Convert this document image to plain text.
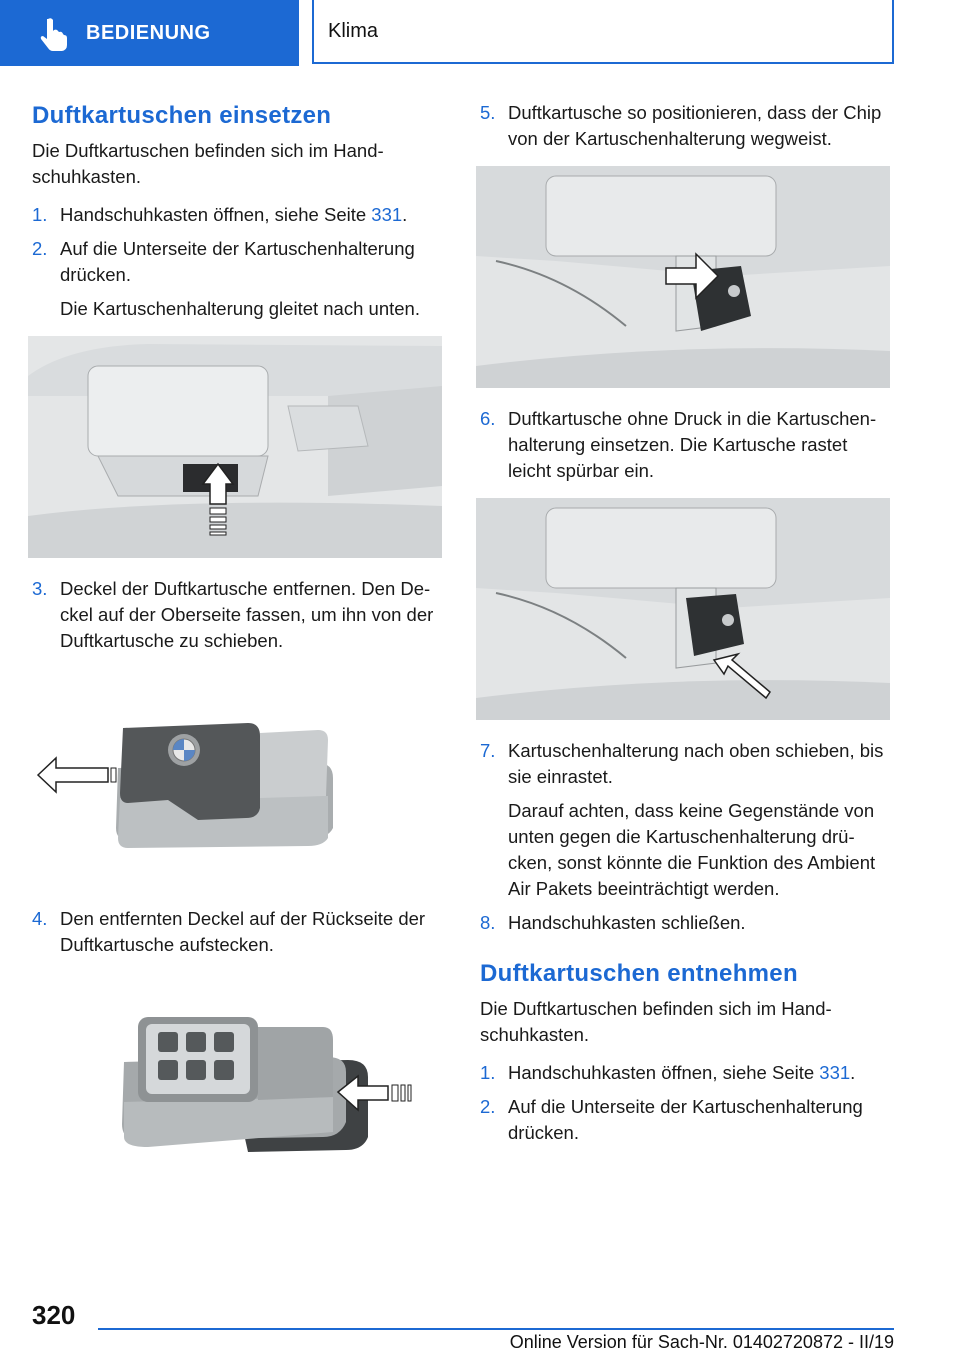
BEDIENUNG	Klima
Duftkartuschen einsetzen

Die Duftkartuschen befinden sich im Hand-schuhkasten.

1. Handschuhkasten öffnen, siehe Seite 331.
2. Auf die Unterseite der Kartuschenhalterung drücken.
Die Kartuschenhalterung gleitet nach unten.
3. Deckel der Duftkartusche entfernen. Den De-ckel auf der Oberseite fassen, um ihn von der Duftkartusche zu schieben.
4. Den entfernten Deckel auf der Rückseite der Duftkartusche aufstecken.
5. Duftkartusche so positionieren, dass der Chip von der Kartuschenhalterung wegweist.
6. Duftkartusche ohne Druck in die Kartuschen-halterung einsetzen. Die Kartusche rastet leicht spürbar ein.
7. Kartuschenhalterung nach oben schieben, bis sie einrastet.
Darauf achten, dass keine Gegenstände von unten gegen die Kartuschenhalterung drü-cken, sonst könnte die Funktion des Ambient Air Pakets beeinträchtigt werden.
8. Handschuhkasten schließen.
Duftkartuschen entnehmen

Die Duftkartuschen befinden sich im Hand-schuhkasten.

1. Handschuhkasten öffnen, siehe Seite 331.
2. Auf die Unterseite der Kartuschenhalterung drücken.
320
Online Version für Sach-Nr. 01402720872 - II/19
